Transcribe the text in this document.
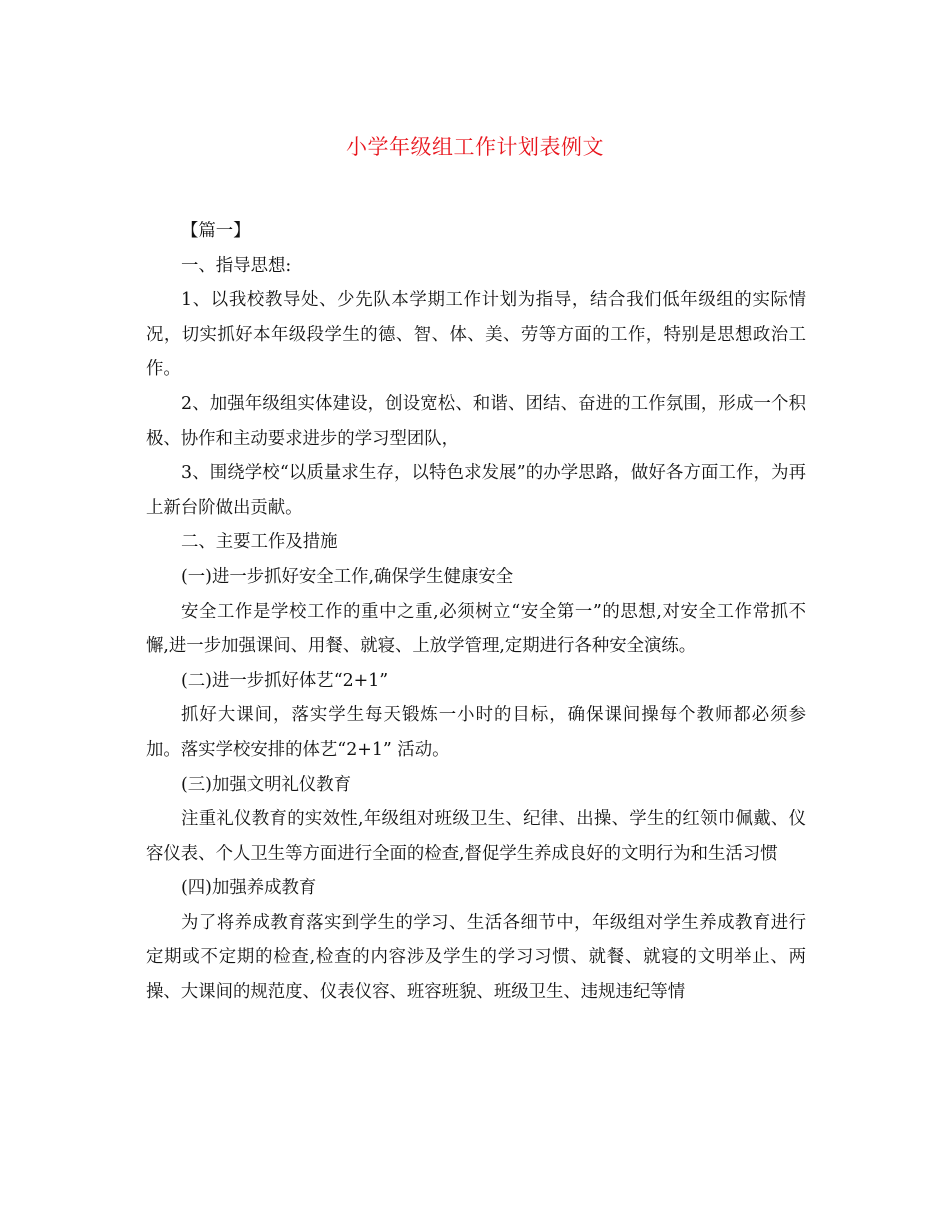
小学年级组工作计划表例文

【篇一】

一、指导思想:

1、以我校教导处、少先队本学期工作计划为指导，结合我们低年级组的实际情况，切实抓好本年级段学生的德、智、体、美、劳等方面的工作，特别是思想政治工作。

2、加强年级组实体建设，创设宽松、和谐、团结、奋进的工作氛围，形成一个积极、协作和主动要求进步的学习型团队，

3、围绕学校“以质量求生存，以特色求发展”的办学思路，做好各方面工作，为再上新台阶做出贡献。

二、主要工作及措施

(一)进一步抓好安全工作,确保学生健康安全

安全工作是学校工作的重中之重,必须树立“安全第一”的思想,对安全工作常抓不懈,进一步加强课间、用餐、就寝、上放学管理,定期进行各种安全演练。

(二)进一步抓好体艺“2+1”

抓好大课间，落实学生每天锻炼一小时的目标，确保课间操每个教师都必须参加。落实学校安排的体艺“2+1” 活动。

(三)加强文明礼仪教育

注重礼仪教育的实效性,年级组对班级卫生、纪律、出操、学生的红领巾佩戴、仪容仪表、个人卫生等方面进行全面的检查,督促学生养成良好的文明行为和生活习惯

(四)加强养成教育

为了将养成教育落实到学生的学习、生活各细节中，年级组对学生养成教育进行定期或不定期的检查,检查的内容涉及学生的学习习惯、就餐、就寝的文明举止、两操、大课间的规范度、仪表仪容、班容班貌、班级卫生、违规违纪等情
